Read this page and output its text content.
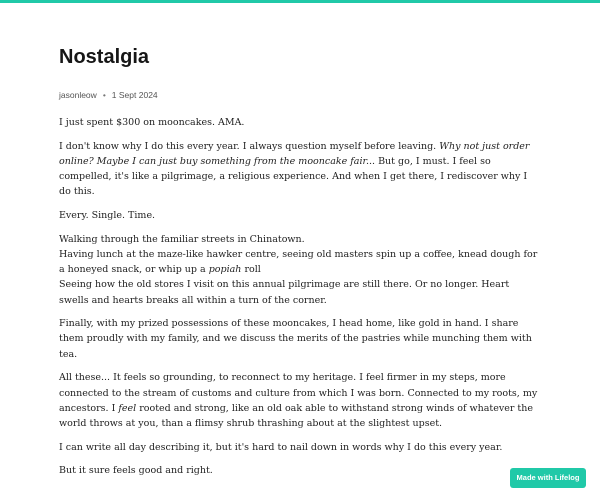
Nostalgia
jasonleow • 1 Sept 2024

I just spent $300 on mooncakes. AMA.

I don't know why I do this every year. I always question myself before leaving. Why not just order online? Maybe I can just buy something from the mooncake fair... But go, I must. I feel so compelled, it's like a pilgrimage, a religious experience. And when I get there, I rediscover why I do this.

Every. Single. Time.

Walking through the familiar streets in Chinatown.
Having lunch at the maze-like hawker centre, seeing old masters spin up a coffee, knead dough for a honeyed snack, or whip up a popiah roll
Seeing how the old stores I visit on this annual pilgrimage are still there. Or no longer. Heart swells and hearts breaks all within a turn of the corner.

Finally, with my prized possessions of these mooncakes, I head home, like gold in hand. I share them proudly with my family, and we discuss the merits of the pastries while munching them with tea.

All these... It feels so grounding, to reconnect to my heritage. I feel firmer in my steps, more connected to the stream of customs and culture from which I was born. Connected to my roots, my ancestors. I feel rooted and strong, like an old oak able to withstand strong winds of whatever the world throws at you, than a flimsy shrub thrashing about at the slightest upset.

I can write all day describing it, but it's hard to nail down in words why I do this every year.

But it sure feels good and right.

Made with Lifelog
